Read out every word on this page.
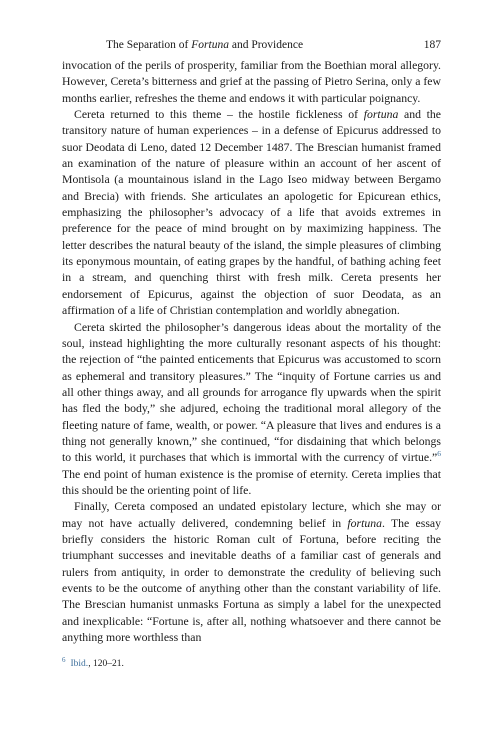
The Separation of Fortuna and Providence	187

invocation of the perils of prosperity, familiar from the Boethian moral allegory. However, Cereta’s bitterness and grief at the passing of Pietro Serina, only a few months earlier, refreshes the theme and endows it with particular poignancy.

Cereta returned to this theme – the hostile fickleness of fortuna and the transitory nature of human experiences – in a defense of Epicurus addressed to suor Deodata di Leno, dated 12 December 1487. The Brescian humanist framed an examination of the nature of pleasure within an account of her ascent of Montisola (a mountainous island in the Lago Iseo midway between Bergamo and Brecia) with friends. She articulates an apologetic for Epicurean ethics, emphasizing the philosopher’s advocacy of a life that avoids extremes in preference for the peace of mind brought on by maximizing happiness. The letter describes the natural beauty of the island, the simple pleasures of climbing its eponymous mountain, of eating grapes by the handful, of bathing aching feet in a stream, and quenching thirst with fresh milk. Cereta presents her endorsement of Epicurus, against the objection of suor Deodata, as an affirmation of a life of Christian contemplation and worldly abnegation.

Cereta skirted the philosopher’s dangerous ideas about the mortality of the soul, instead highlighting the more culturally resonant aspects of his thought: the rejection of “the painted enticements that Epicurus was accustomed to scorn as ephemeral and transitory pleasures.” The “inquity of Fortune carries us and all other things away, and all grounds for arrogance fly upwards when the spirit has fled the body,” she adjured, echoing the traditional moral allegory of the fleeting nature of fame, wealth, or power. “A pleasure that lives and endures is a thing not generally known,” she continued, “for disdaining that which belongs to this world, it purchases that which is immortal with the currency of virtue.”$^6$ The end point of human existence is the promise of eternity. Cereta implies that this should be the orienting point of life.

Finally, Cereta composed an undated epistolary lecture, which she may or may not have actually delivered, condemning belief in fortuna. The essay briefly considers the historic Roman cult of Fortuna, before reciting the triumphant successes and inevitable deaths of a familiar cast of generals and rulers from antiquity, in order to demonstrate the credulity of believing such events to be the outcome of anything other than the constant variability of life. The Brescian humanist unmasks Fortuna as simply a label for the unexpected and inexplicable: “Fortune is, after all, nothing whatsoever and there cannot be anything more worthless than

$^6$ Ibid., 120–21.
